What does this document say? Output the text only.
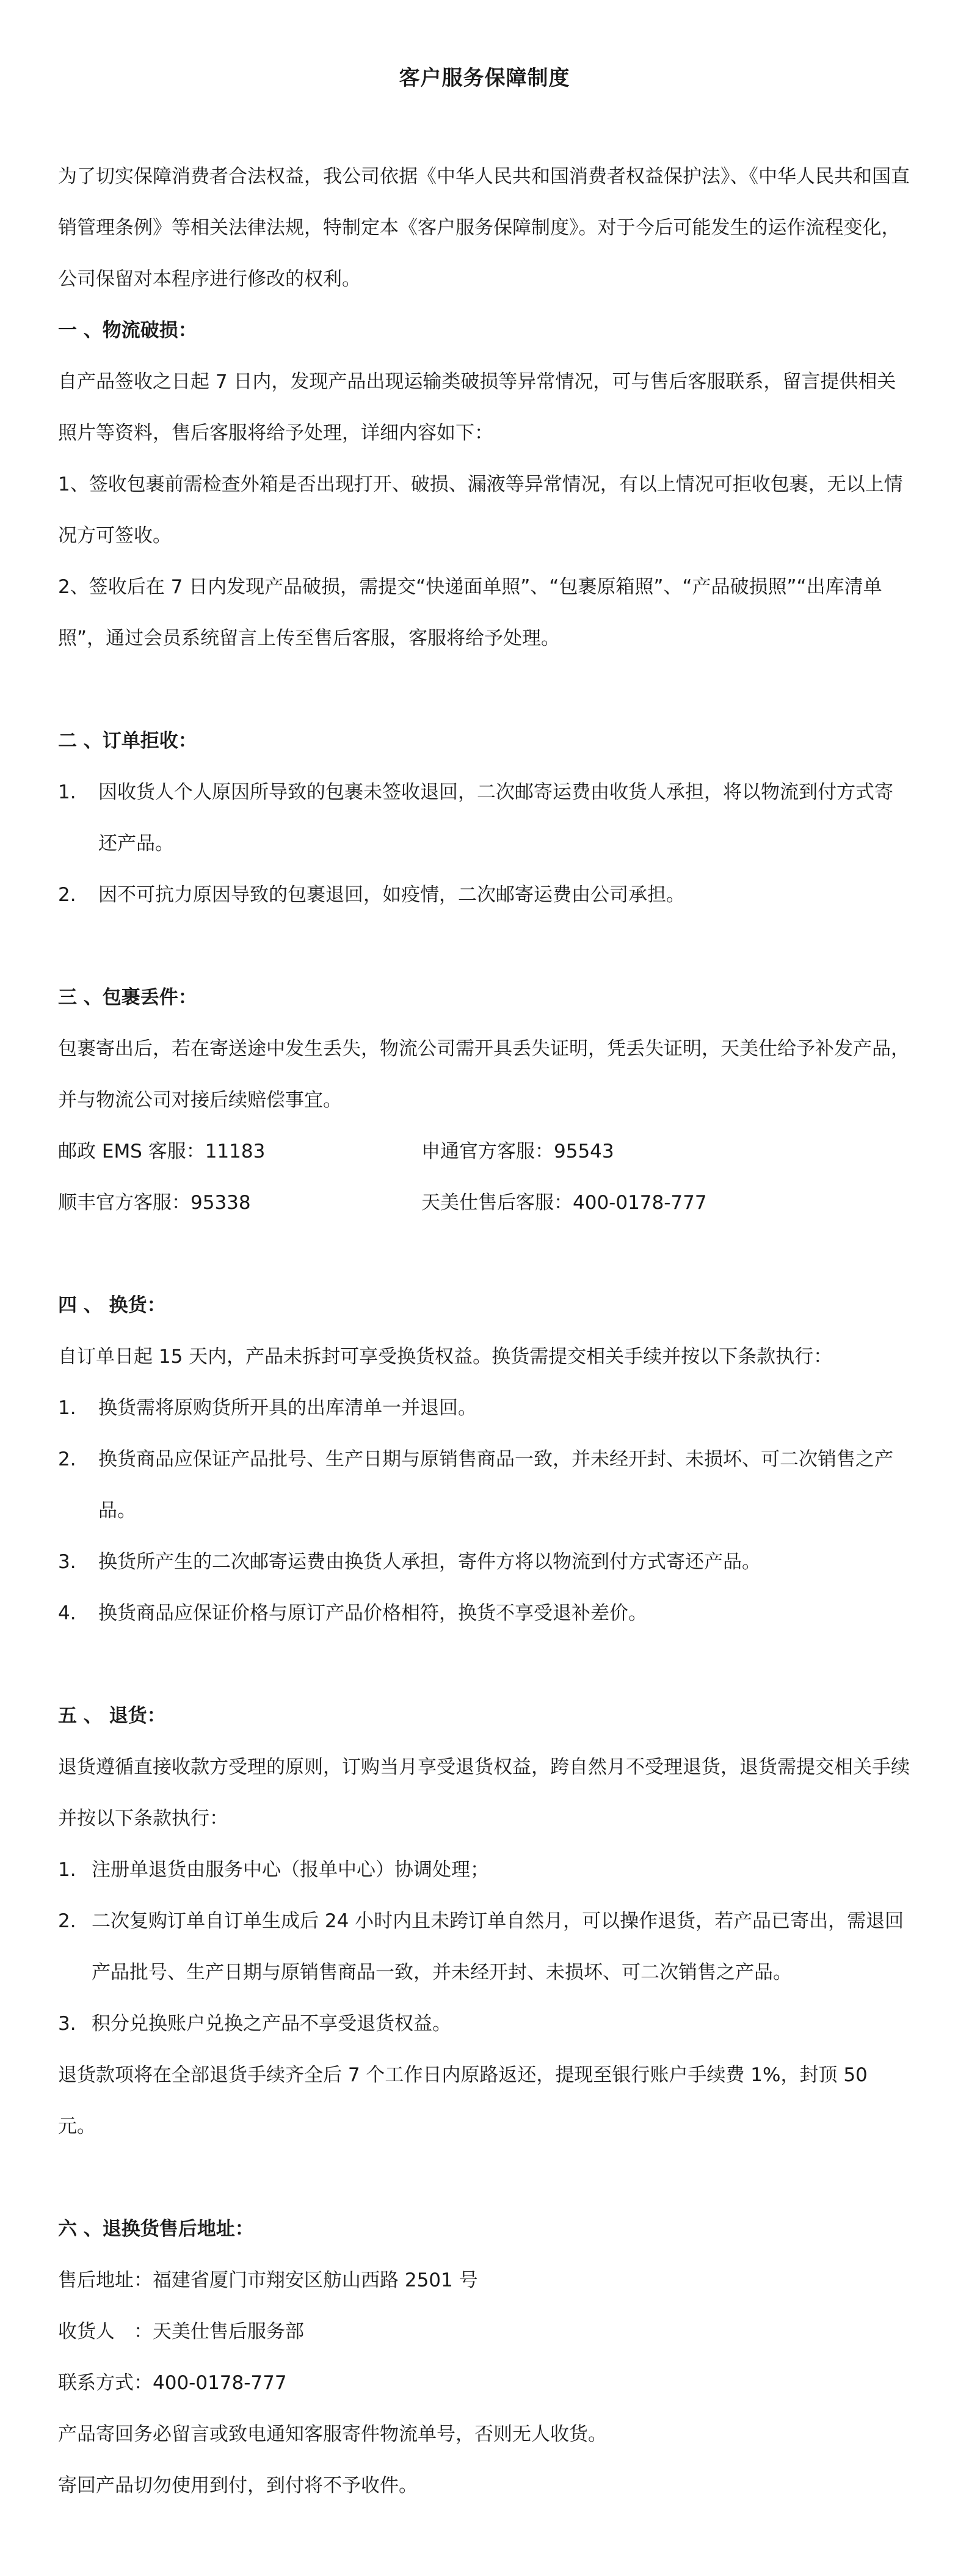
客户服务保障制度

为了切实保障消费者合法权益，我公司依据《中华人民共和国消费者权益保护法》、《中华人民共和国直销管理条例》等相关法律法规，特制定本《客户服务保障制度》。对于今后可能发生的运作流程变化，公司保留对本程序进行修改的权利。

一 、物流破损：

自产品签收之日起 7 日内，发现产品出现运输类破损等异常情况，可与售后客服联系，留言提供相关照片等资料，售后客服将给予处理，详细内容如下：

1、签收包裹前需检查外箱是否出现打开、破损、漏液等异常情况，有以上情况可拒收包裹，无以上情况方可签收。

2、签收后在 7 日内发现产品破损，需提交“快递面单照”、“包裹原箱照”、“产品破损照”“出库清单照”，通过会员系统留言上传至售后客服，客服将给予处理。

二 、订单拒收：

1.	因收货人个人原因所导致的包裹未签收退回，二次邮寄运费由收货人承担，将以物流到付方式寄还产品。
2.	因不可抗力原因导致的包裹退回，如疫情，二次邮寄运费由公司承担。

三 、包裹丢件：

包裹寄出后，若在寄送途中发生丢失，物流公司需开具丢失证明，凭丢失证明，天美仕给予补发产品，并与物流公司对接后续赔偿事宜。

邮政 EMS 客服：11183	申通官方客服：95543
顺丰官方客服：95338	天美仕售后客服：400-0178-777

四 、 换货：

自订单日起 15 天内，产品未拆封可享受换货权益。换货需提交相关手续并按以下条款执行：

1.	换货需将原购货所开具的出库清单一并退回。
2.	换货商品应保证产品批号、生产日期与原销售商品一致，并未经开封、未损坏、可二次销售之产品。
3.	换货所产生的二次邮寄运费由换货人承担，寄件方将以物流到付方式寄还产品。
4.	换货商品应保证价格与原订产品价格相符，换货不享受退补差价。

五 、 退货：

退货遵循直接收款方受理的原则，订购当月享受退货权益，跨自然月不受理退货，退货需提交相关手续并按以下条款执行：

1. 注册单退货由服务中心（报单中心）协调处理；
2. 二次复购订单自订单生成后 24 小时内且未跨订单自然月，可以操作退货，若产品已寄出，需退回产品批号、生产日期与原销售商品一致，并未经开封、未损坏、可二次销售之产品。
3. 积分兑换账户兑换之产品不享受退货权益。

退货款项将在全部退货手续齐全后 7 个工作日内原路返还，提现至银行账户手续费 1%，封顶 50 元。

六 、退换货售后地址：

售后地址：福建省厦门市翔安区舫山西路 2501 号

收货人　：天美仕售后服务部

联系方式：400-0178-777

产品寄回务必留言或致电通知客服寄件物流单号，否则无人收货。

寄回产品切勿使用到付，到付将不予收件。
